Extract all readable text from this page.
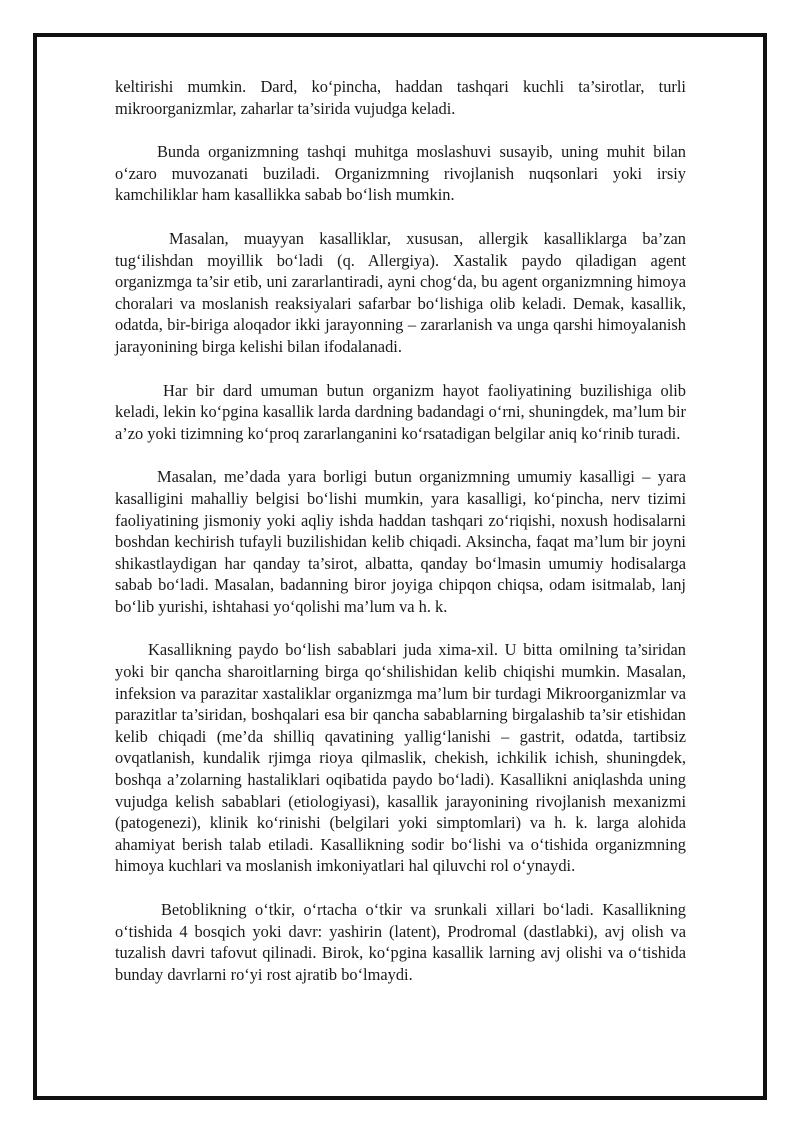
keltirishi mumkin. Dard, ko‘pincha, haddan tashqari kuchli ta’sirotlar, turli mikroorganizmlar, zaharlar ta’sirida vujudga keladi.

Bunda organizmning tashqi muhitga moslashuvi susayib, uning muhit bilan o‘zaro muvozanati buziladi. Organizmning rivojlanish nuqsonlari yoki irsiy kamchiliklar ham kasallikka sabab bo‘lish mumkin.

Masalan, muayyan kasalliklar, xususan, allergik kasalliklarga ba’zan tug‘ilishdan moyillik bo‘ladi (q. Allergiya). Xastalik paydo qiladigan agent organizmga ta’sir etib, uni zararlantiradi, ayni chog‘da, bu agent organizmning himoya choralari va moslanish reaksiyalari safarbar bo‘lishiga olib keladi. Demak, kasallik, odatda, bir-biriga aloqador ikki jarayonning – zararlanish va unga qarshi himoyalanish jarayonining birga kelishi bilan ifodalanadi.

Har bir dard umuman butun organizm hayot faoliyatining buzilishiga olib keladi, lekin ko‘pgina kasallik larda dardning badandagi o‘rni, shuningdek, ma’lum bir a’zo yoki tizimning ko‘proq zararlanganini ko‘rsatadigan belgilar aniq ko‘rinib turadi.

Masalan, me’dada yara borligi butun organizmning umumiy kasalligi – yara kasalligini mahalliy belgisi bo‘lishi mumkin, yara kasalligi, ko‘pincha, nerv tizimi faoliyatining jismoniy yoki aqliy ishda haddan tashqari zo‘riqishi, noxush hodisalarni boshdan kechirish tufayli buzilishidan kelib chiqadi. Aksincha, faqat ma’lum bir joyni shikastlaydigan har qanday ta’sirot, albatta, qanday bo‘lmasin umumiy hodisalarga sabab bo‘ladi. Masalan, badanning biror joyiga chipqon chiqsa, odam isitmalab, lanj bo‘lib yurishi, ishtahasi yo‘qolishi ma’lum va h. k.

Kasallikning paydo bo‘lish sabablari juda xima-xil. U bitta omilning ta’siridan yoki bir qancha sharoitlarning birga qo‘shilishidan kelib chiqishi mumkin. Masalan, infeksion va parazitar xastaliklar organizmga ma’lum bir turdagi Mikroorganizmlar va parazitlar ta’siridan, boshqalari esa bir qancha sabablarning birgalashib ta’sir etishidan kelib chiqadi (me’da shilliq qavatining yallig‘lanishi – gastrit, odatda, tartibsiz ovqatlanish, kundalik rjimga rioya qilmaslik, chekish, ichkilik ichish, shuningdek, boshqa a’zolarning hastaliklari oqibatida paydo bo‘ladi). Kasallikni aniqlashda uning vujudga kelish sabablari (etiologiyasi), kasallik jarayonining rivojlanish mexanizmi (patogenezi), klinik ko‘rinishi (belgilari yoki simptomlari) va h. k. larga alohida ahamiyat berish talab etiladi. Kasallikning sodir bo‘lishi va o‘tishida organizmning himoya kuchlari va moslanish imkoniyatlari hal qiluvchi rol o‘ynaydi.

Betoblikning o‘tkir, o‘rtacha o‘tkir va srunkali xillari bo‘ladi. Kasallikning o‘tishida 4 bosqich yoki davr: yashirin (latent), Prodromal (dastlabki), avj olish va tuzalish davri tafovut qilinadi. Birok, ko‘pgina kasallik larning avj olishi va o‘tishida bunday davrlarni ro‘yi rost ajratib bo‘lmaydi.
